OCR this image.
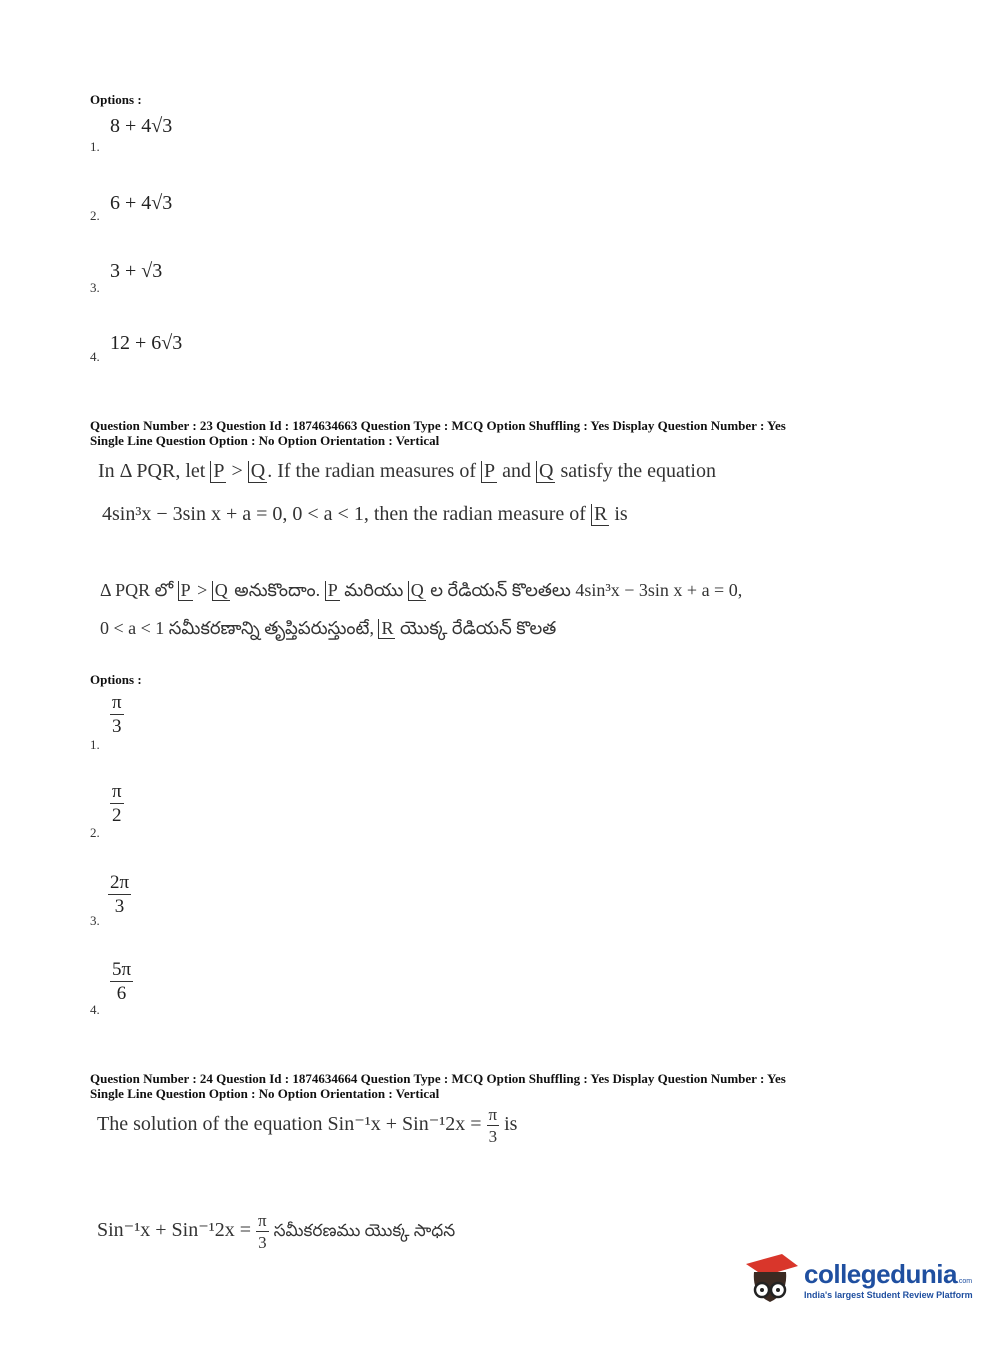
Options :
8 + 4√3
1.
6 + 4√3
2.
3 + √3
3.
12 + 6√3
4.
Question Number : 23 Question Id : 1874634663 Question Type : MCQ Option Shuffling : Yes Display Question Number : Yes
Single Line Question Option : No Option Orientation : Vertical
In Δ PQR, let P > Q . If the radian measures of P and Q satisfy the equation
4sin³x − 3sin x + a = 0, 0 < a < 1, then the radian measure of R is
Δ PQR లో P > Q అనుకొందాం. P మరియు Q ల రేడియన్ కొలతలు 4sin³x − 3sin x + a = 0,
0 < a < 1 సమీకరణాన్ని తృప్తిపరుస్తుంటే, R యొక్క రేడియన్ కొలత
Options :
$\frac{\pi}{3}$
1.
$\frac{\pi}{2}$
2.
$\frac{2\pi}{3}$
3.
$\frac{5\pi}{6}$
4.
Question Number : 24 Question Id : 1874634664 Question Type : MCQ Option Shuffling : Yes Display Question Number : Yes
Single Line Question Option : No Option Orientation : Vertical
The solution of the equation $Sin^{-1}x + Sin^{-1}2x = \frac{\pi}{3}$ is
$Sin^{-1}x + Sin^{-1}2x = \frac{\pi}{3}$ సమీకరణము యొక్క సాధన
collegedunia.com
India's largest Student Review Platform
